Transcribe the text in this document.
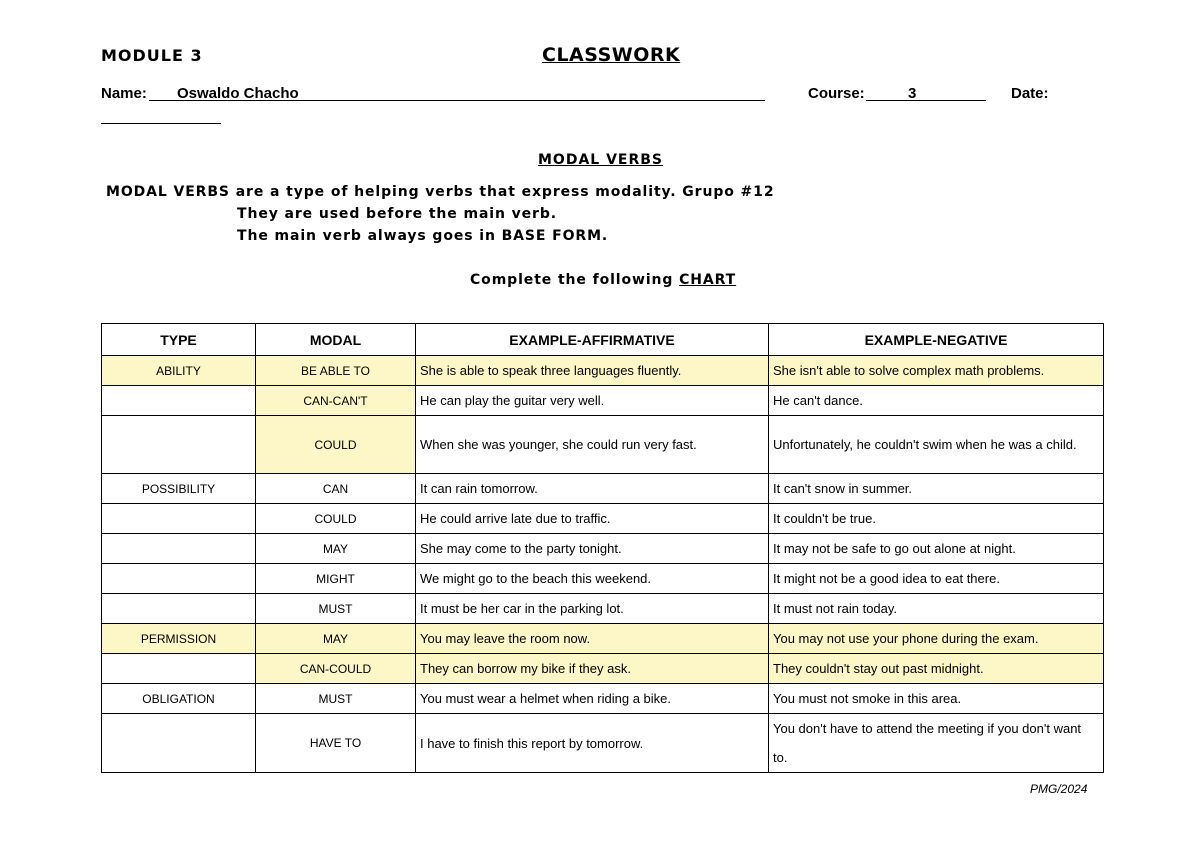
MODULE 3	CLASSWORK
Name:	Oswaldo Chacho	Course:	3	Date:
MODAL VERBS
MODAL VERBS are a type of helping verbs that express modality. Grupo #12
They are used before the main verb.
The main verb always goes in BASE FORM.
Complete the following CHART
TYPE	MODAL	EXAMPLE-AFFIRMATIVE	EXAMPLE-NEGATIVE
ABILITY	BE ABLE TO	She is able to speak three languages fluently.	She isn't able to solve complex math problems.
	CAN-CAN'T	He can play the guitar very well.	He can't dance.
	COULD	When she was younger, she could run very fast.	Unfortunately, he couldn't swim when he was a child.
POSSIBILITY	CAN	It can rain tomorrow.	It can't snow in summer.
	COULD	He could arrive late due to traffic.	It couldn't be true.
	MAY	She may come to the party tonight.	It may not be safe to go out alone at night.
	MIGHT	We might go to the beach this weekend.	It might not be a good idea to eat there.
	MUST	It must be her car in the parking lot.	It must not rain today.
PERMISSION	MAY	You may leave the room now.	You may not use your phone during the exam.
	CAN-COULD	They can borrow my bike if they ask.	They couldn't stay out past midnight.
OBLIGATION	MUST	You must wear a helmet when riding a bike.	You must not smoke in this area.
	HAVE TO	I have to finish this report by tomorrow.	You don't have to attend the meeting if you don't want to.
PMG/2024
